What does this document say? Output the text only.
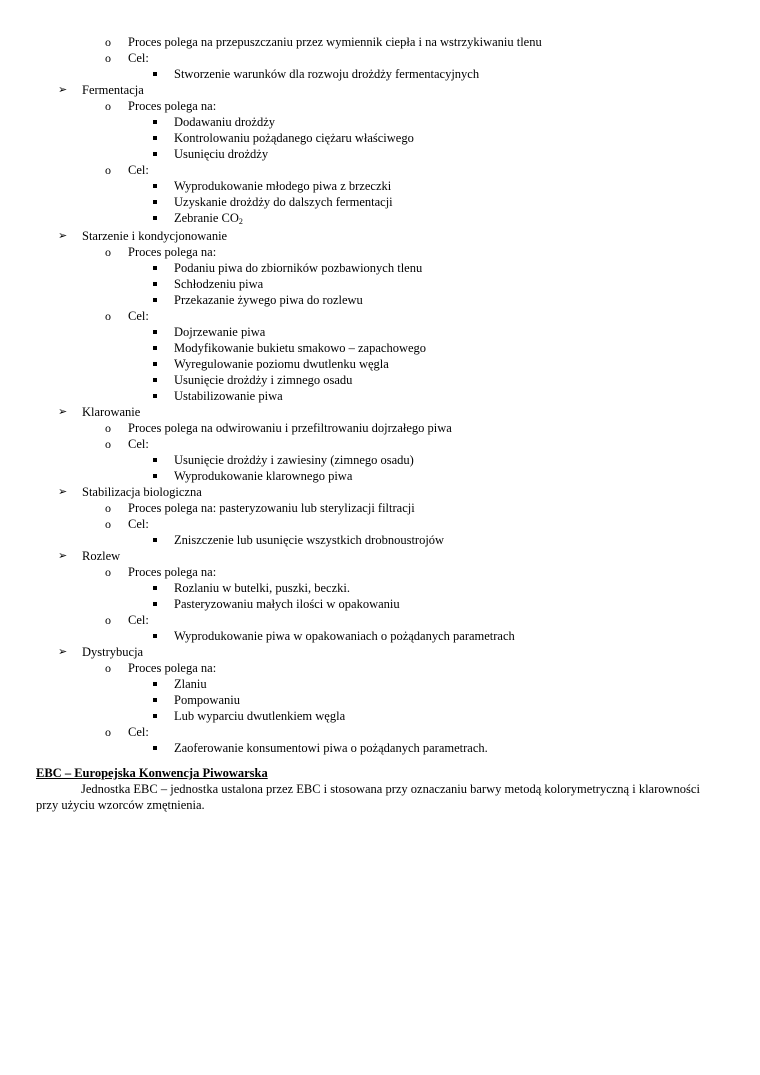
o Proces polega na przepuszczaniu przez wymiennik ciepła i na wstrzykiwaniu tlenu
o Cel:
Stworzenie warunków dla rozwoju drożdży fermentacyjnych
➢ Fermentacja
o Proces polega na:
Dodawaniu drożdży
Kontrolowaniu pożądanego ciężaru właściwego
Usunięciu drożdży
o Cel:
Wyprodukowanie młodego piwa z brzeczki
Uzyskanie drożdży do dalszych fermentacji
Zebranie $CO_2$
➢ Starzenie i kondycjonowanie
o Proces polega na:
Podaniu piwa do zbiorników pozbawionych tlenu
Schłodzeniu piwa
Przekazanie żywego piwa do rozlewu
o Cel:
Dojrzewanie piwa
Modyfikowanie bukietu smakowo – zapachowego
Wyregulowanie poziomu dwutlenku węgla
Usunięcie drożdży i zimnego osadu
Ustabilizowanie piwa
➢ Klarowanie
o Proces polega na odwirowaniu i przefiltrowaniu dojrzałego piwa
o Cel:
Usunięcie drożdży i zawiesiny (zimnego osadu)
Wyprodukowanie klarownego piwa
➢ Stabilizacja biologiczna
o Proces polega na: pasteryzowaniu lub sterylizacji filtracji
o Cel:
Zniszczenie lub usunięcie wszystkich drobnoustrojów
➢ Rozlew
o Proces polega na:
Rozlaniu w butelki, puszki, beczki.
Pasteryzowaniu małych ilości w opakowaniu
o Cel:
Wyprodukowanie piwa w opakowaniach o pożądanych parametrach
➢ Dystrybucja
o Proces polega na:
Zlaniu
Pompowaniu
Lub wyparciu dwutlenkiem węgla
o Cel:
Zaoferowanie konsumentowi piwa o pożądanych parametrach.
EBC – Europejska Konwencja Piwowarska
Jednostka EBC – jednostka ustalona przez EBC i stosowana przy oznaczaniu barwy metodą kolorymetryczną i klarowności przy użyciu wzorców zmętnienia.
